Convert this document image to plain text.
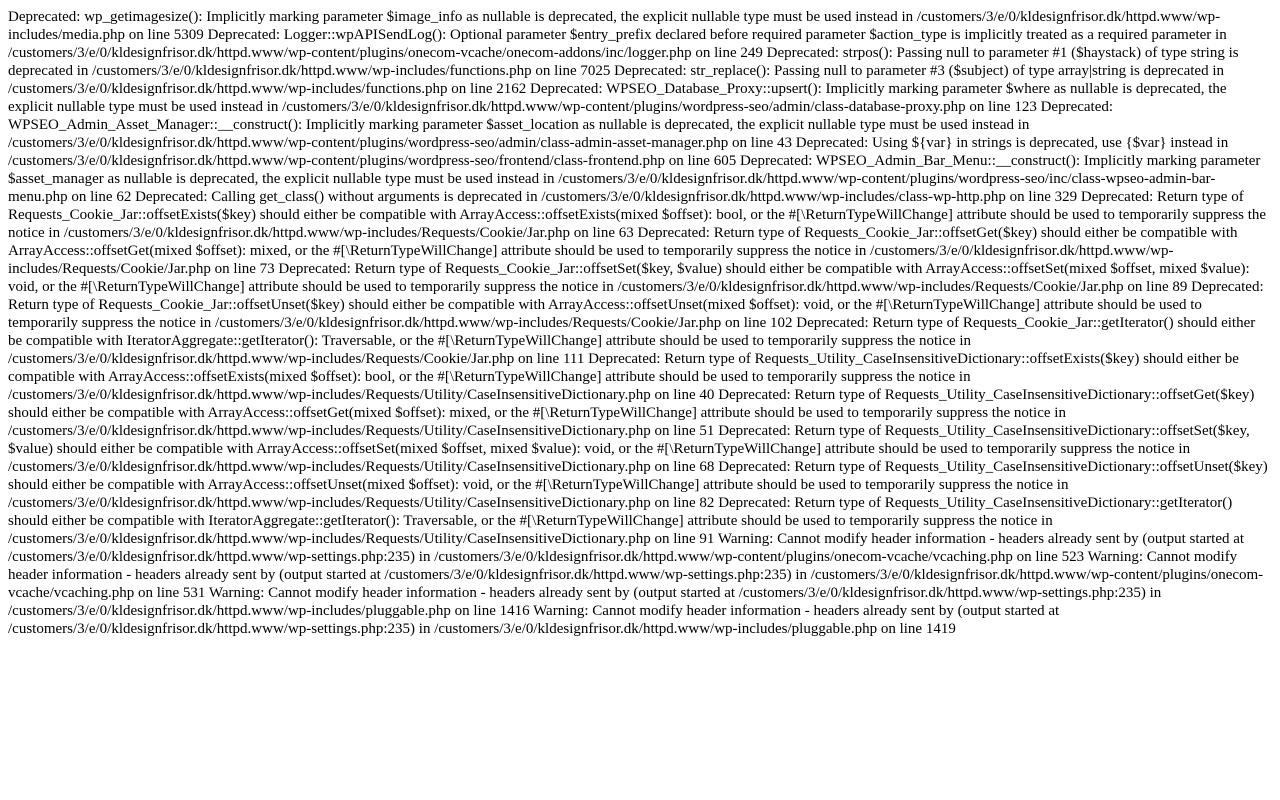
Deprecated: wp_getimagesize(): Implicitly marking parameter $image_info as nullable is deprecated, the explicit nullable type must be used instead in /customers/3/e/0/kldesignfrisor.dk/httpd.www/wp-includes/media.php on line 5309 Deprecated: Logger::wpAPISendLog(): Optional parameter $entry_prefix declared before required parameter $action_type is implicitly treated as a required parameter in /customers/3/e/0/kldesignfrisor.dk/httpd.www/wp-content/plugins/onecom-vcache/onecom-addons/inc/logger.php on line 249 Deprecated: strpos(): Passing null to parameter #1 ($haystack) of type string is deprecated in /customers/3/e/0/kldesignfrisor.dk/httpd.www/wp-includes/functions.php on line 7025 Deprecated: str_replace(): Passing null to parameter #3 ($subject) of type array|string is deprecated in /customers/3/e/0/kldesignfrisor.dk/httpd.www/wp-includes/functions.php on line 2162 Deprecated: WPSEO_Database_Proxy::upsert(): Implicitly marking parameter $where as nullable is deprecated, the explicit nullable type must be used instead in /customers/3/e/0/kldesignfrisor.dk/httpd.www/wp-content/plugins/wordpress-seo/admin/class-database-proxy.php on line 123 Deprecated: WPSEO_Admin_Asset_Manager::__construct(): Implicitly marking parameter $asset_location as nullable is deprecated, the explicit nullable type must be used instead in /customers/3/e/0/kldesignfrisor.dk/httpd.www/wp-content/plugins/wordpress-seo/admin/class-admin-asset-manager.php on line 43 Deprecated: Using ${var} in strings is deprecated, use {$var} instead in /customers/3/e/0/kldesignfrisor.dk/httpd.www/wp-content/plugins/wordpress-seo/frontend/class-frontend.php on line 605 Deprecated: WPSEO_Admin_Bar_Menu::__construct(): Implicitly marking parameter $asset_manager as nullable is deprecated, the explicit nullable type must be used instead in /customers/3/e/0/kldesignfrisor.dk/httpd.www/wp-content/plugins/wordpress-seo/inc/class-wpseo-admin-bar-menu.php on line 62 Deprecated: Calling get_class() without arguments is deprecated in /customers/3/e/0/kldesignfrisor.dk/httpd.www/wp-includes/class-wp-http.php on line 329 Deprecated: Return type of Requests_Cookie_Jar::offsetExists($key) should either be compatible with ArrayAccess::offsetExists(mixed $offset): bool, or the #[\ReturnTypeWillChange] attribute should be used to temporarily suppress the notice in /customers/3/e/0/kldesignfrisor.dk/httpd.www/wp-includes/Requests/Cookie/Jar.php on line 63 Deprecated: Return type of Requests_Cookie_Jar::offsetGet($key) should either be compatible with ArrayAccess::offsetGet(mixed $offset): mixed, or the #[\ReturnTypeWillChange] attribute should be used to temporarily suppress the notice in /customers/3/e/0/kldesignfrisor.dk/httpd.www/wp-includes/Requests/Cookie/Jar.php on line 73 Deprecated: Return type of Requests_Cookie_Jar::offsetSet($key, $value) should either be compatible with ArrayAccess::offsetSet(mixed $offset, mixed $value): void, or the #[\ReturnTypeWillChange] attribute should be used to temporarily suppress the notice in /customers/3/e/0/kldesignfrisor.dk/httpd.www/wp-includes/Requests/Cookie/Jar.php on line 89 Deprecated: Return type of Requests_Cookie_Jar::offsetUnset($key) should either be compatible with ArrayAccess::offsetUnset(mixed $offset): void, or the #[\ReturnTypeWillChange] attribute should be used to temporarily suppress the notice in /customers/3/e/0/kldesignfrisor.dk/httpd.www/wp-includes/Requests/Cookie/Jar.php on line 102 Deprecated: Return type of Requests_Cookie_Jar::getIterator() should either be compatible with IteratorAggregate::getIterator(): Traversable, or the #[\ReturnTypeWillChange] attribute should be used to temporarily suppress the notice in /customers/3/e/0/kldesignfrisor.dk/httpd.www/wp-includes/Requests/Cookie/Jar.php on line 111 Deprecated: Return type of Requests_Utility_CaseInsensitiveDictionary::offsetExists($key) should either be compatible with ArrayAccess::offsetExists(mixed $offset): bool, or the #[\ReturnTypeWillChange] attribute should be used to temporarily suppress the notice in /customers/3/e/0/kldesignfrisor.dk/httpd.www/wp-includes/Requests/Utility/CaseInsensitiveDictionary.php on line 40 Deprecated: Return type of Requests_Utility_CaseInsensitiveDictionary::offsetGet($key) should either be compatible with ArrayAccess::offsetGet(mixed $offset): mixed, or the #[\ReturnTypeWillChange] attribute should be used to temporarily suppress the notice in /customers/3/e/0/kldesignfrisor.dk/httpd.www/wp-includes/Requests/Utility/CaseInsensitiveDictionary.php on line 51 Deprecated: Return type of Requests_Utility_CaseInsensitiveDictionary::offsetSet($key, $value) should either be compatible with ArrayAccess::offsetSet(mixed $offset, mixed $value): void, or the #[\ReturnTypeWillChange] attribute should be used to temporarily suppress the notice in /customers/3/e/0/kldesignfrisor.dk/httpd.www/wp-includes/Requests/Utility/CaseInsensitiveDictionary.php on line 68 Deprecated: Return type of Requests_Utility_CaseInsensitiveDictionary::offsetUnset($key) should either be compatible with ArrayAccess::offsetUnset(mixed $offset): void, or the #[\ReturnTypeWillChange] attribute should be used to temporarily suppress the notice in /customers/3/e/0/kldesignfrisor.dk/httpd.www/wp-includes/Requests/Utility/CaseInsensitiveDictionary.php on line 82 Deprecated: Return type of Requests_Utility_CaseInsensitiveDictionary::getIterator() should either be compatible with IteratorAggregate::getIterator(): Traversable, or the #[\ReturnTypeWillChange] attribute should be used to temporarily suppress the notice in /customers/3/e/0/kldesignfrisor.dk/httpd.www/wp-includes/Requests/Utility/CaseInsensitiveDictionary.php on line 91 Warning: Cannot modify header information - headers already sent by (output started at /customers/3/e/0/kldesignfrisor.dk/httpd.www/wp-settings.php:235) in /customers/3/e/0/kldesignfrisor.dk/httpd.www/wp-content/plugins/onecom-vcache/vcaching.php on line 523 Warning: Cannot modify header information - headers already sent by (output started at /customers/3/e/0/kldesignfrisor.dk/httpd.www/wp-settings.php:235) in /customers/3/e/0/kldesignfrisor.dk/httpd.www/wp-content/plugins/onecom-vcache/vcaching.php on line 531 Warning: Cannot modify header information - headers already sent by (output started at /customers/3/e/0/kldesignfrisor.dk/httpd.www/wp-settings.php:235) in /customers/3/e/0/kldesignfrisor.dk/httpd.www/wp-includes/pluggable.php on line 1416 Warning: Cannot modify header information - headers already sent by (output started at /customers/3/e/0/kldesignfrisor.dk/httpd.www/wp-settings.php:235) in /customers/3/e/0/kldesignfrisor.dk/httpd.www/wp-includes/pluggable.php on line 1419
